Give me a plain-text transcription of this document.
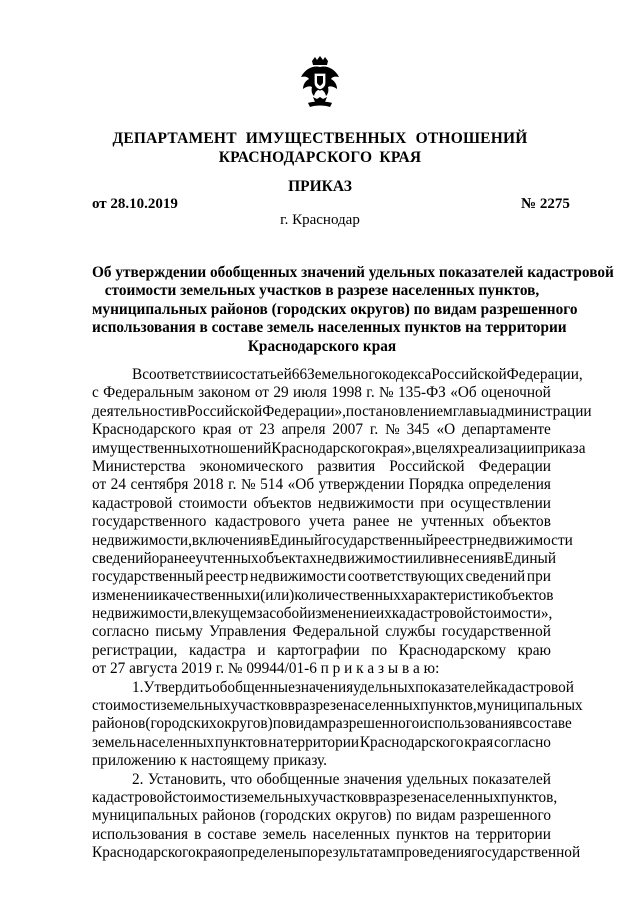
ДЕПАРТАМЕНТ ИМУЩЕСТВЕННЫХ ОТНОШЕНИЙ
КРАСНОДАРСКОГО КРАЯ
ПРИКАЗ
от 28.10.2019	№ 2275
г. Краснодар
Об утверждении обобщенных значений удельных показателей кадастровой
стоимости земельных участков в разрезе населенных пунктов,
муниципальных районов (городских округов) по видам разрешенного
использования в составе земель населенных пунктов на территории
Краснодарского края
В соответствии со статьей 66 Земельного кодекса Российской Федерации,
с Федеральным законом от 29 июля 1998 г. № 135-ФЗ «Об оценочной
деятельности в Российской Федерации», постановлением главы администрации
Краснодарского края от 23 апреля 2007 г. № 345 «О департаменте
имущественных отношений Краснодарского края», в целях реализации приказа
Министерства экономического развития Российской Федерации
от 24 сентября 2018 г. № 514 «Об утверждении Порядка определения
кадастровой стоимости объектов недвижимости при осуществлении
государственного кадастрового учета ранее не учтенных объектов
недвижимости, включения в Единый государственный реестр недвижимости
сведений о ранее учтенных объектах недвижимости или внесения в Единый
государственный реестр недвижимости соответствующих сведений при
изменении качественных и (или) количественных характеристик объектов
недвижимости, влекущем за собой изменение их кадастровой стоимости»,
согласно письму Управления Федеральной службы государственной
регистрации, кадастра и картографии по Краснодарскому краю
от 27 августа 2019 г. № 09944/01-6 п р и к а з ы в а ю:
1. Утвердить обобщенные значения удельных показателей кадастровой
стоимости земельных участков в разрезе населенных пунктов, муниципальных
районов (городских округов) по видам разрешенного использования в составе
земель населенных пунктов на территории Краснодарского края согласно
приложению к настоящему приказу.
2. Установить, что обобщенные значения удельных показателей
кадастровой стоимости земельных участков в разрезе населенных пунктов,
муниципальных районов (городских округов) по видам разрешенного
использования в составе земель населенных пунктов на территории
Краснодарского края определены по результатам проведения государственной
